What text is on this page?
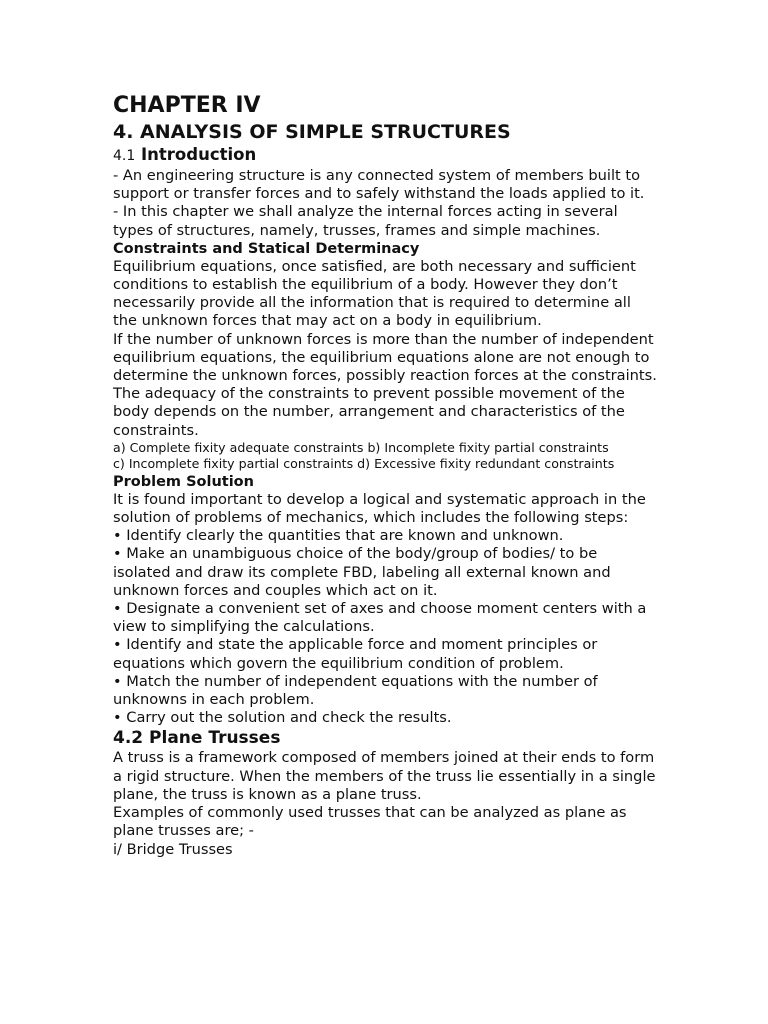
CHAPTER IV
4. ANALYSIS OF SIMPLE STRUCTURES
4.1 Introduction

- An engineering structure is any connected system of members built to support or transfer forces and to safely withstand the loads applied to it.

- In this chapter we shall analyze the internal forces acting in several types of structures, namely, trusses, frames and simple machines.

Constraints and Statical Determinacy

Equilibrium equations, once satisfied, are both necessary and sufficient conditions to establish the equilibrium of a body. However they don’t necessarily provide all the information that is required to determine all the unknown forces that may act on a body in equilibrium.

If the number of unknown forces is more than the number of independent equilibrium equations, the equilibrium equations alone are not enough to determine the unknown forces, possibly reaction forces at the constraints. The adequacy of the constraints to prevent possible movement of the body depends on the number, arrangement and characteristics of the constraints.

a) Complete fixity adequate constraints b) Incomplete fixity partial constraints

c) Incomplete fixity partial constraints d) Excessive fixity redundant constraints

Problem Solution

It is found important to develop a logical and systematic approach in the solution of problems of mechanics, which includes the following steps:

• Identify clearly the quantities that are known and unknown.
• Make an unambiguous choice of the body/group of bodies/ to be isolated and draw its complete FBD, labeling all external known and unknown forces and couples which act on it.
• Designate a convenient set of axes and choose moment centers with a view to simplifying the calculations.
• Identify and state the applicable force and moment principles or equations which govern the equilibrium condition of problem.
• Match the number of independent equations with the number of unknowns in each problem.
• Carry out the solution and check the results.
4.2 Plane Trusses

A truss is a framework composed of members joined at their ends to form a rigid structure. When the members of the truss lie essentially in a single plane, the truss is known as a plane truss.

Examples of commonly used trusses that can be analyzed as plane as plane trusses are; -

i/ Bridge Trusses
